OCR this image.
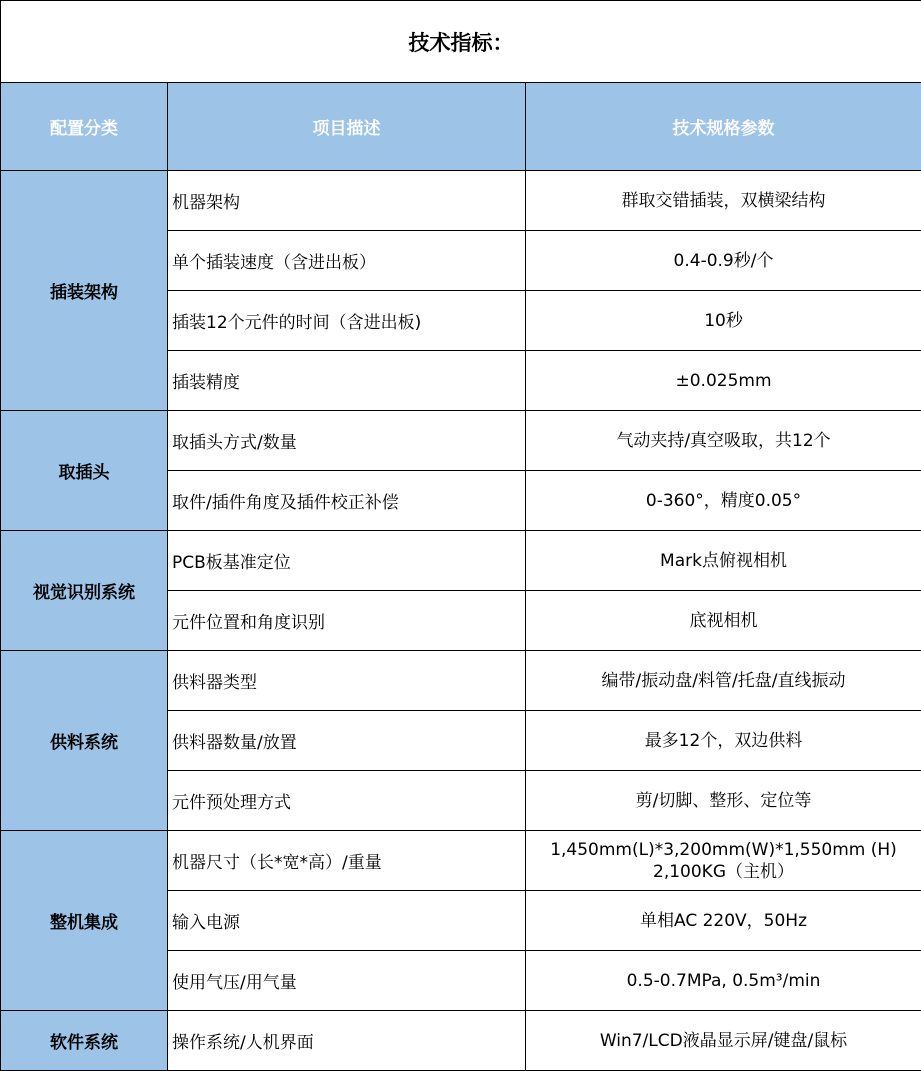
技术指标：		
配置分类	项目描述	技术规格参数
插装架构	机器架构	群取交错插装，双横梁结构

	单个插装速度（含进出板）	0.4-0.9秒/个

	插装12个元件的时间（含进出板)	10秒

	插装精度	±0.025mm

取插头	取插头方式/数量	气动夹持/真空吸取，共12个

	取件/插件角度及插件校正补偿	0-360°，精度0.05°

视觉识别系统	PCB板基准定位	Mark点俯视相机

	元件位置和角度识别	底视相机

供料系统	供料器类型	编带/振动盘/料管/托盘/直线振动

	供料器数量/放置	最多12个，双边供料

	元件预处理方式	剪/切脚、整形、定位等

整机集成	机器尺寸（长*宽*高）/重量	1,450mm(L)*3,200mm(W)*1,550mm (H)
2,100KG（主机）

	输入电源	单相AC 220V，50Hz

	使用气压/用气量	0.5-0.7MPa, 0.5m³/min

软件系统	操作系统/人机界面	Win7/LCD液晶显示屏/键盘/鼠标
